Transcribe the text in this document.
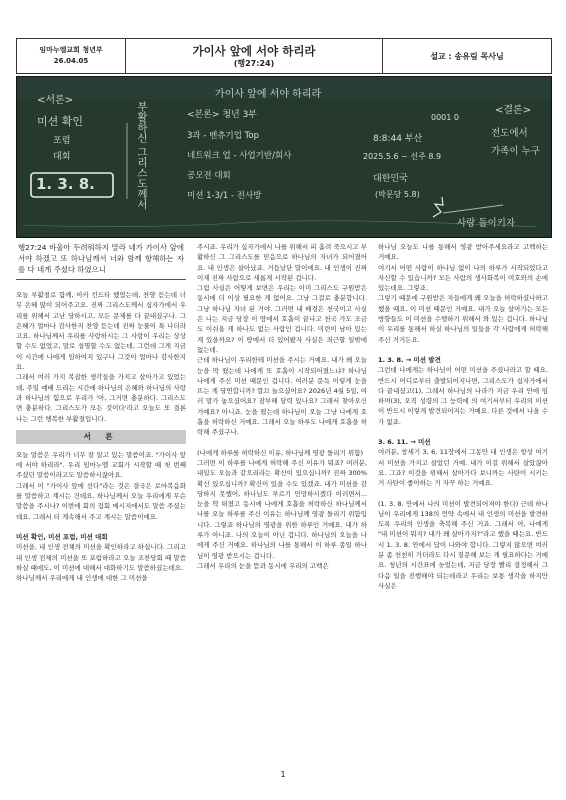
임마누엘교회 청년부
26.04.05
가이사 앞에 서야 하리라
(행27:24)
설교 : 송유림 목사님
가이사 앞에 서야 하리라
<서론>
미션 확인
포럼
대회
1. 3. 8.	부활하신 그리스도께서	<본론> 청년 3부
3과 - 벤츄기업 Top
네트워크 업 - 사업기반/회사
공모전 대회
미션 1-3/1 - 전사방
8:8:44 부산
2025.5.6 ~ 선주 8.9
대한민국
(박문당 5.8)
0001 0
<결론>
전도에서
가족이 누구
사랑 돌이키자

행27:24 바울아 두려워하지 말라 네가 가이사 앞에 서야 하겠고 또 하나님께서 너와 함께 항해하는 자를 다 네게 주셨다 하였으니

오늘 부활절로 함께, 아카 킨드타 했었는데, 찬양 듣는데 너무 은혜 많이 되어주고요. 진짜 그리스도께서 십자가에서 우리를 위해서 고난 당하시고, 모든 문제를 다 끝내셨구나. 그 은혜가 얼마나 감사한지 찬양 듣는데 진짜 눈물이 툭 나더라고요. 하나님께서 우리를 사랑하시는 그 사랑이 우리는 상상할 수도 없었고, 말로 설명할 수도 없는데, 그런데 그게 지금 이 시간에 나에게 임하여지 있구나 그것이 얼마나 감사한지요.

그래서 여러 가지 복잡한 생각들을 가지고 살아가고 있었는데, 주일 예배 드리는 시간에 하나님의 은혜와 하나님의 사랑과 하나님의 힘으로 우리가 '아, 그거면 충분하다. 그리스도면 충분하다. 그리스도가 모든 것이다'라고 오늘도 또 결론 나는 그런 행복한 부활절입니다.

서 론

오늘 말씀은 우리가 너무 잘 알고 있는 말씀이죠. "가이사 앞에 서야 하리라". 우리 임마누엘 교회가 시작할 때 첫 번째 주셨던 말씀이라고도 말씀하시잖아요.

그래서 이 "가이사 앞에 선다"라는 것은 결국은 로마복음화를 말씀하고 계시는 건데요. 하나님께서 오늘 우리에게 무슨 말씀을 주시나? 이번에 회의 집회 메시지에서도 말씀 주셨는데요. 그래서 터 계속해서 주고 계시는 말씀이에요.

미션 확인, 미션 포럼, 미션 대회

미션을, 내 인생 전체의 미션을 확인하라고 하십니다. 그리고 내 인생 전체의 미션을 또 포럼하라고 오늘 조찬당회 때 말씀하실 때에도, 이 미션에 대해서 대화하기도 말씀하셨는데요.

하나님께서 우리에게 내 인생에 대한 그 미션을

주시죠. 우리가 십자가에서 나를 위해서 피 흘려 죽으시고 부활하신 그 그리스도를 믿음으로 하나님의 자녀가 되어졌어요. 내 인생은 살아났죠. 거듭났단 말이에요. 내 인생이 진짜 이제 진짜 사람으로 새롭게 시작된 겁니다.

그럼 사실은 어떻게 보면은 우리는 이미 그리스도 구원받은 동시에 더 이상 필요한 게 없어요. 그냥 그걸로 충분합니다. 그냥 하나님 자녀 된 거야. 그러면 내 배경은 천국이고 사실은 나는 지금 당장 이 땅에서 호흡이 끝나고 천국 가도 조금도 이쉬울 게 하나도 없는 사람인 겁니다. 미련이 남아 있는 게 있을까요? 이 땅에서 더 있어봤자 사실은 죄근할 일밖에 없는데.

근데 하나님이 우리한테 미션을 주시는 거예요. 내가 왜 오늘 눈을 딱 떴는데 나에게 또 호흡이 시작되어졌느냐? 하나님 나에게 주신 미션 때문인 겁니다. 여러분 문득 이렇게 눈을 뜨는 게 당연합니까? 깔끄 눌으셨어요? 2026년 4월 5일, 여러 말가 놓으셨어요? 잠부해 달력 있나요? 그래서 찾아오신 거예요? 아니죠. 눈을 떴는데 하나님이 오늘 그냥 나에게 호흡을 허락하신 거예요. 그래서 오늘 하루도 나에게 호흡을 허락해 주셨구나.

(나에게 하루를 허락하신 이유, 하나님께 영광 돌리기 위함)

그러면 이 하루를 나에게 허락해 주신 이유가 뭐죠? 여러분, 내일도 오늘과 같으리라는 확신이 있으십니까? 진짜 300% 확신 있으십니까? 확신이 있을 수도 있겠죠. 내가 미션을 감당하지 못했어, 하나님도 부르기 민망하시겠다 이러면서... 눈을 딱 떠졌고 동시에 나에게 호흡을 허락하신 하나님께서 나를 오늘 하루를 주신 이유는 하나님께 영광 돌리기 위함입니다. 그렇죠 하나님의 영광을 위한 하루인 거예요. 내가 하루가 아니죠. 나의 오늘이 아닌 겁니다. 하나님의 오늘을 나에게 주신 거예요. 하나님의 나를 통해서 이 하루 종일 하나님이 영광 받으시는 겁니다.

그래서 우리의 눈을 뜸과 동시에 우리의 고백은

하나님 오늘도 나를 통해서 영광 받아주세요라고 고백하는 거예요.

여기서 어떤 사람이 하나님 없이 나의 하루가 시작되었다고 자신할 수 있습니까? 모든 사람의 생사화복이 여호와의 손에 있는데요. 그렇죠.

그렇기 때문에 구원받은 자들에게 왜 오늘을 허락하셨나하고 했을 때요. 이 미션 때문인 거예요. 내가 오늘 살아가는 모든 방향들도 이 미션을 수행하기 위해서 와 있는 겁니다. 하나님이 우리를 통해서 하실 하나님의 일들을 각 사람에게 허락해 주신 거거든요.

1. 3. 8. → 미션 발견

그런데 나에게는 하나님이 어떤 미션을 주셨나라고 할 때요. 반드시 어디로부터 출발되어지나면, 그리스도가 십자가에서 다 끝내셨고(1), 그래서 하나님의 나라가 지금 우리 안에 임하며(3), 오직 성령의 그 능력에 의 여기서부터 우리의 미션이 반드시 이렇게 발견되어지는 거예요. 다른 것에서 나올 수가 없죠.

3. 6. 11. → 미션

여러분, 창세기 3, 6, 11장에서 그동안 내 인생은 항상 여기서 미션을 가지고 살았던 거예. 내가 이걸 위해서 살았잖아요. 그죠? 이것을 위해서 살아가다 보니까는 사탄이 시키는 거 사탄이 좋아하는 거 자꾸 하는 거예요.

(1. 3. 8. 안에서 나의 미션이 발견되어져야 한다) 근데 하나님이 우리에게 138의 언약 속에서 내 인생의 미션을 발견하도록 우리의 인생을 축복해 주신 거죠. 그래서 아, 나에게 "내 미션이 뭐지? 내가 왜 살아가지?"라고 했을 때는요. 반드시 1. 3. 8. 안에서 답이 나와야 합니다. 그렇지 않으면 여러분 좀 천천히 가더라도 다시 질문해 보는 게 필요하다는 거예요. 청년의 시간표에 늦었는데, 지금 당장 빨리 결정해서 그다음 일을 진행해야 되는데라고 우리는 보통 생각을 하지만 사실은

1
